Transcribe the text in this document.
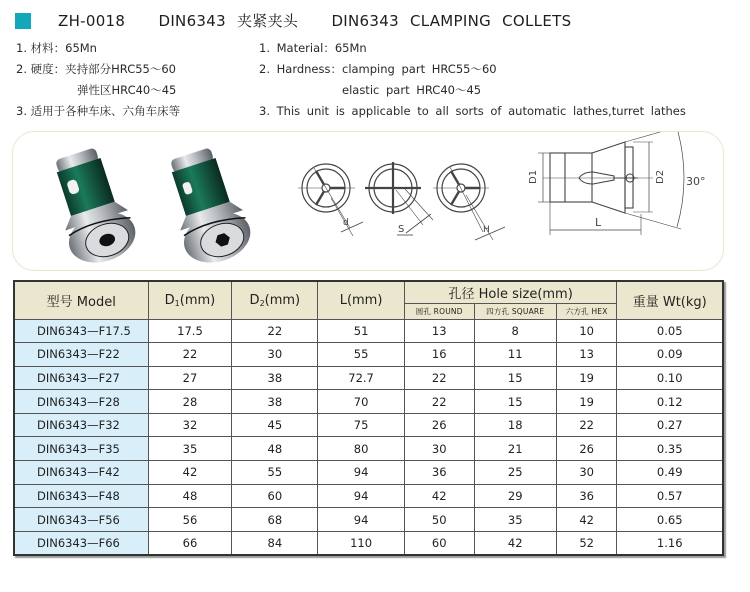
ZH-0018 DIN6343 夹紧夹头 DIN6343 CLAMPING COLLETS
1. 材料：65Mn
2. 硬度：夹持部分HRC55～60
弹性区HRC40～45
3. 适用于各种车床、六角车床等
1. Material：65Mn
2. Hardness：clamping part HRC55～60
elastic part HRC40～45
3. This unit is applicable to all sorts of automatic lathes,turret lathes
d
S	H
D1	D2
L
30°
型号 Model	$D_1(mm)$	$D_2(mm)$	L(mm)	孔径 Hole size(mm)			重量 Wt(kg)
				圆孔 ROUND	四方孔 SQUARE	六方孔 HEX	
DIN6343—F17.5	17.5	22	51	13	8	10	0.05
DIN6343—F22	22	30	55	16	11	13	0.09
DIN6343—F27	27	38	72.7	22	15	19	0.10
DIN6343—F28	28	38	70	22	15	19	0.12
DIN6343—F32	32	45	75	26	18	22	0.27
DIN6343—F35	35	48	80	30	21	26	0.35
DIN6343—F42	42	55	94	36	25	30	0.49
DIN6343—F48	48	60	94	42	29	36	0.57
DIN6343—F56	56	68	94	50	35	42	0.65
DIN6343—F66	66	84	110	60	42	52	1.16
